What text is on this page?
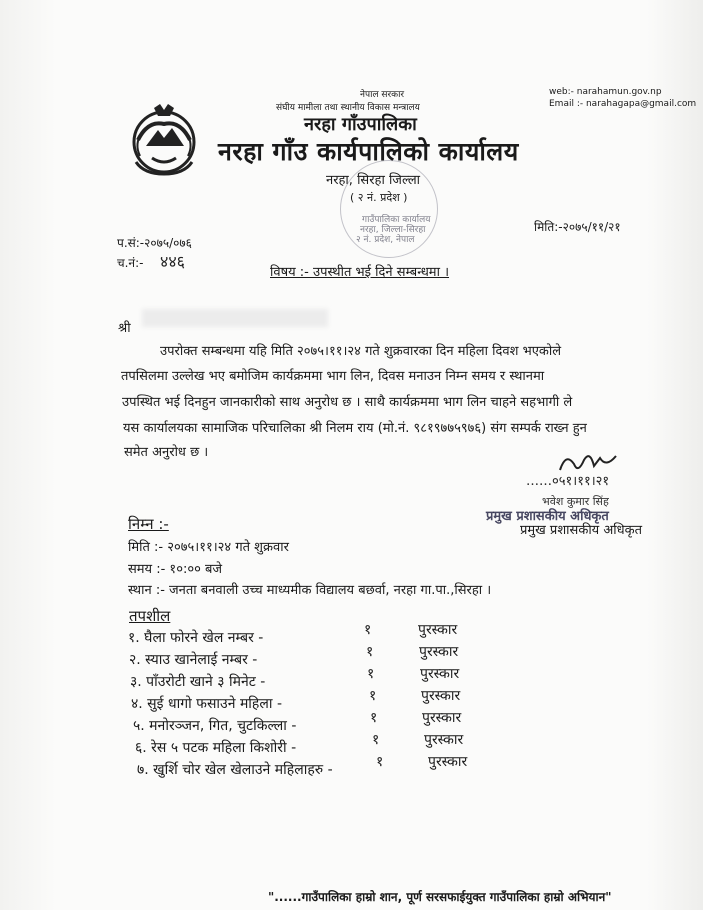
नेपाल सरकार
संघीय मामीला तथा स्थानीय विकास मन्त्रालय
नरहा गाँउपालिका
नरहा गाँउ कार्यपालिकाे कार्यालय
नरहा, सिरहा जिल्ला
( २ नं. प्रदेश )
web:- narahamun.gov.np
Email :- narahagapa@gmail.com
गाउँपालिका कार्यालय
नरहा, जिल्ला-सिरहा
२ नं. प्रदेश, नेपाल
प.सं:-२०७५/०७६
च.नं:- ४४६
मिति:-२०७५/११/२१
विषय :- उपस्थीत भई दिने सम्बन्धमा ।
श्री
उपरोक्त सम्बन्धमा यहि मिति २०७५।११।२४ गते शुक्रवारका दिन महिला दिवश भएकोले
तपसिलमा उल्लेख भए बमोजिम कार्यक्रममा भाग लिन, दिवस मनाउन निम्न समय र स्थानमा
उपस्थित भई दिनहुन जानकारीको साथ अनुरोध छ । साथै कार्यक्रममा भाग लिन चाहने सहभागी ले
यस कार्यालयका सामाजिक परिचालिका श्री निलम राय (मो.नं. ९८१९७७५९७६) संग सम्पर्क राख्न हुन
समेत अनुरोध छ ।
……०५१।११।२१
भवेश कुमार सिंह
प्रमुख प्रशासकीय अधिकृत
प्रमुख प्रशासकीय अधिकृत
निम्न :-
मिति :- २०७५।११।२४ गते शुक्रवार
समय :- १०:०० बजे
स्थान :- जनता बनवाली उच्च माध्यमीक विद्यालय बछर्वा, नरहा गा.पा.,सिरहा ।
तपशील
१. घैला फोरने खेल नम्बर -	१	पुरस्कार
२. स्याउ खानेलाई नम्बर -	१	पुरस्कार
३. पाँउरोटी खाने ३ मिनेट -	१	पुरस्कार
४. सुई धागो फसाउने महिला -	१	पुरस्कार
५. मनोरञ्जन, गित, चुटकिल्ला -	१	पुरस्कार
६. रेस ५ पटक महिला किशोरी -	१	पुरस्कार
७. खुर्शि चोर खेल खेलाउने महिलाहरु -	१	पुरस्कार
"......गाउँपालिका हाम्रो शान, पूर्ण सरसफाईयुक्त गाउँपालिका हाम्रो अभियान"
